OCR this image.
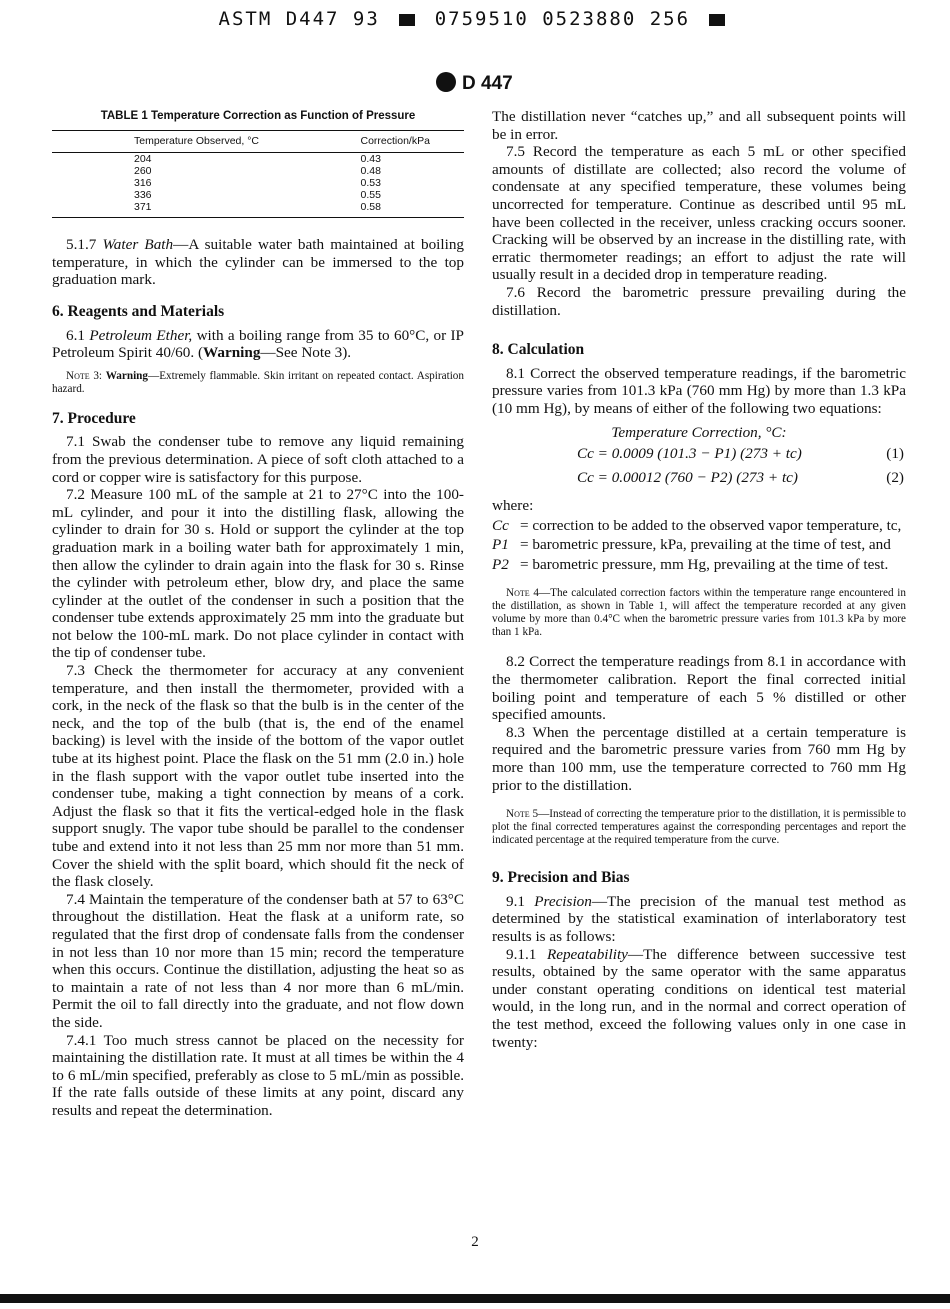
ASTM D447 93	0759510 0523880 256
D 447
TABLE 1 Temperature Correction as Function of Pressure
Temperature Observed, °C	Correction/kPa
204	0.43
260	0.48
316	0.53
336	0.55
371	0.58

5.1.7 Water Bath—A suitable water bath maintained at boiling temperature, in which the cylinder can be immersed to the top graduation mark.

6. Reagents and Materials

6.1 Petroleum Ether, with a boiling range from 35 to 60°C, or IP Petroleum Spirit 40/60. (Warning—See Note 3).

Note 3: Warning—Extremely flammable. Skin irritant on repeated contact. Aspiration hazard.

7. Procedure

7.1 Swab the condenser tube to remove any liquid remaining from the previous determination. A piece of soft cloth attached to a cord or copper wire is satisfactory for this purpose.

7.2 Measure 100 mL of the sample at 21 to 27°C into the 100-mL cylinder, and pour it into the distilling flask, allowing the cylinder to drain for 30 s. Hold or support the cylinder at the top graduation mark in a boiling water bath for approximately 1 min, then allow the cylinder to drain again into the flask for 30 s. Rinse the cylinder with petroleum ether, blow dry, and place the same cylinder at the outlet of the condenser in such a position that the condenser tube extends approximately 25 mm into the graduate but not below the 100-mL mark. Do not place cylinder in contact with the tip of condenser tube.

7.3 Check the thermometer for accuracy at any convenient temperature, and then install the thermometer, provided with a cork, in the neck of the flask so that the bulb is in the center of the neck, and the top of the bulb (that is, the end of the enamel backing) is level with the inside of the bottom of the vapor outlet tube at its highest point. Place the flask on the 51 mm (2.0 in.) hole in the flash support with the vapor outlet tube inserted into the condenser tube, making a tight connection by means of a cork. Adjust the flask so that it fits the vertical-edged hole in the flask support snugly. The vapor tube should be parallel to the condenser tube and extend into it not less than 25 mm nor more than 51 mm. Cover the shield with the split board, which should fit the neck of the flask closely.

7.4 Maintain the temperature of the condenser bath at 57 to 63°C throughout the distillation. Heat the flask at a uniform rate, so regulated that the first drop of condensate falls from the condenser in not less than 10 nor more than 15 min; record the temperature when this occurs. Continue the distillation, adjusting the heat so as to maintain a rate of not less than 4 nor more than 6 mL/min. Permit the oil to fall directly into the graduate, and not flow down the side.

7.4.1 Too much stress cannot be placed on the necessity for maintaining the distillation rate. It must at all times be within the 4 to 6 mL/min specified, preferably as close to 5 mL/min as possible. If the rate falls outside of these limits at any point, discard any results and repeat the determination.

The distillation never “catches up,” and all subsequent points will be in error.

7.5 Record the temperature as each 5 mL or other specified amounts of distillate are collected; also record the volume of condensate at any specified temperature, these volumes being uncorrected for temperature. Continue as described until 95 mL have been collected in the receiver, unless cracking occurs sooner. Cracking will be observed by an increase in the distilling rate, with erratic thermometer readings; an effort to adjust the rate will usually result in a decided drop in temperature reading.

7.6 Record the barometric pressure prevailing during the distillation.

8. Calculation

8.1 Correct the observed temperature readings, if the barometric pressure varies from 101.3 kPa (760 mm Hg) by more than 1.3 kPa (10 mm Hg), by means of either of the following two equations:

Temperature Correction, °C:
Cc = 0.0009 (101.3 − P1) (273 + tc)	(1)
Cc = 0.00012 (760 − P2) (273 + tc)	(2)

where:

Cc = correction to be added to the observed vapor temperature, tc,
P1 = barometric pressure, kPa, prevailing at the time of test, and
P2 = barometric pressure, mm Hg, prevailing at the time of test.

Note 4—The calculated correction factors within the temperature range encountered in the distillation, as shown in Table 1, will affect the temperature recorded at any given volume by more than 0.4°C when the barometric pressure varies from 101.3 kPa by more than 1 kPa.

8.2 Correct the temperature readings from 8.1 in accordance with the thermometer calibration. Report the final corrected initial boiling point and temperature of each 5 % distilled or other specified amounts.

8.3 When the percentage distilled at a certain temperature is required and the barometric pressure varies from 760 mm Hg by more than 100 mm, use the temperature corrected to 760 mm Hg prior to the distillation.

Note 5—Instead of correcting the temperature prior to the distillation, it is permissible to plot the final corrected temperatures against the corresponding percentages and report the indicated percentage at the required temperature from the curve.

9. Precision and Bias

9.1 Precision—The precision of the manual test method as determined by the statistical examination of interlaboratory test results is as follows:

9.1.1 Repeatability—The difference between successive test results, obtained by the same operator with the same apparatus under constant operating conditions on identical test material would, in the long run, and in the normal and correct operation of the test method, exceed the following values only in one case in twenty:

2
